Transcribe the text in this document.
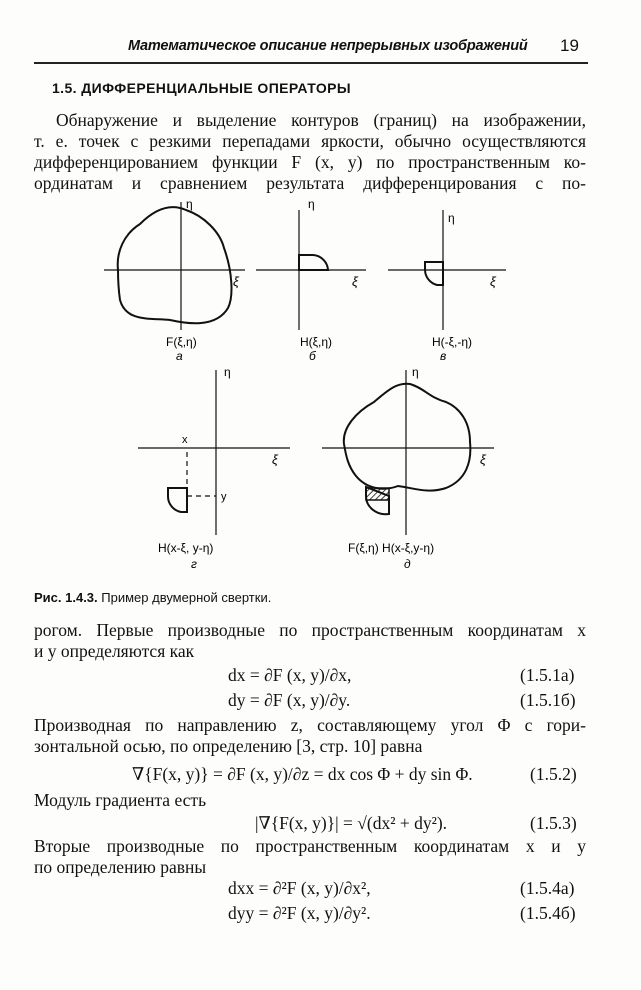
Математическое описание непрерывных изображений	19
1.5. ДИФФЕРЕНЦИАЛЬНЫЕ ОПЕРАТОРЫ
Обнаружение и выделение контуров (границ) на изображении,
т. е. точек с резкими перепадами яркости, обычно осуществляются
дифференцированием функции F (x, y) по пространственным ко-
ординатам и сравнением результата дифференцирования с по-
η
ξ
F(ξ,η)
а
η
ξ
H(ξ,η)
б
η
ξ
H(-ξ,-η)
в
x
y
η
ξ
H(x-ξ, y-η)
г
η
ξ
F(ξ,η) H(x-ξ,y-η)
д
Рис. 1.4.3. Пример двумерной свертки.
рогом. Первые производные по пространственным координатам x
и y определяются как
dx = ∂F (x, y)/∂x,	(1.5.1а)
dy = ∂F (x, y)/∂y.	(1.5.1б)
Производная по направлению z, составляющему угол Φ с гори-
зонтальной осью, по определению [3, стр. 10] равна
∇{F(x, y)} = ∂F (x, y)/∂z = dx cos Φ + dy sin Φ.	(1.5.2)
Модуль градиента есть
|∇{F(x, y)}| = √(dx² + dy²).	(1.5.3)
Вторые производные по пространственным координатам x и y
по определению равны
dxx = ∂²F (x, y)/∂x²,	(1.5.4а)
dyy = ∂²F (x, y)/∂y².	(1.5.4б)
